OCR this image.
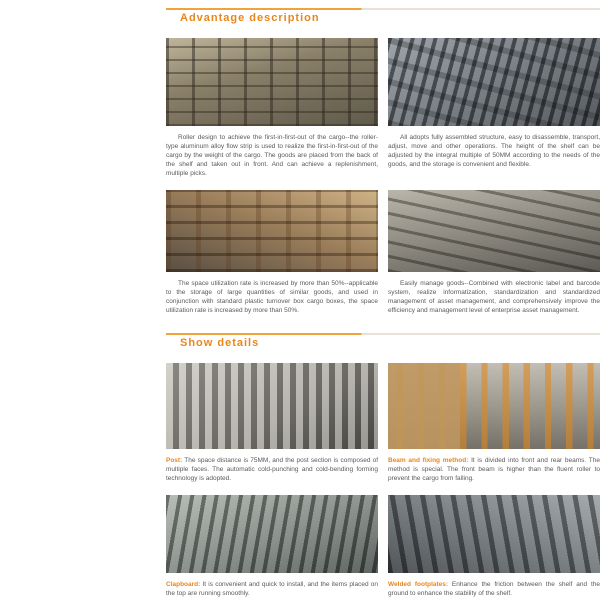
Advantage description
Roller design to achieve the first-in-first-out of the cargo--the roller-type aluminum alloy flow strip is used to realize the first-in-first-out of the cargo by the weight of the cargo. The goods are placed from the back of the shelf and taken out in front. And can achieve a replenishment, multiple picks.
All adopts fully assembled structure, easy to disassemble, transport, adjust, move and other operations. The height of the shelf can be adjusted by the integral multiple of 50MM according to the needs of the goods, and the storage is convenient and flexible.
The space utilization rate is increased by more than 50%--applicable to the storage of large quantities of similar goods, and used in conjunction with standard plastic turnover box cargo boxes, the space utilization rate is increased by more than 50%.
Easily manage goods--Combined with electronic label and barcode system, realize informatization, standardization and standardized management of asset management, and comprehensively improve the efficiency and management level of enterprise asset management.
Show details
Post: The space distance is 75MM, and the post section is composed of multiple faces. The automatic cold-punching and cold-bending forming technology is adopted.
Beam and fixing method: It is divided into front and rear beams. The method is special. The front beam is higher than the fluent roller to prevent the cargo from falling.
Clapboard: It is convenient and quick to install, and the items placed on the top are running smoothly.
Welded footplates: Enhance the friction between the shelf and the ground to enhance the stability of the shelf.
